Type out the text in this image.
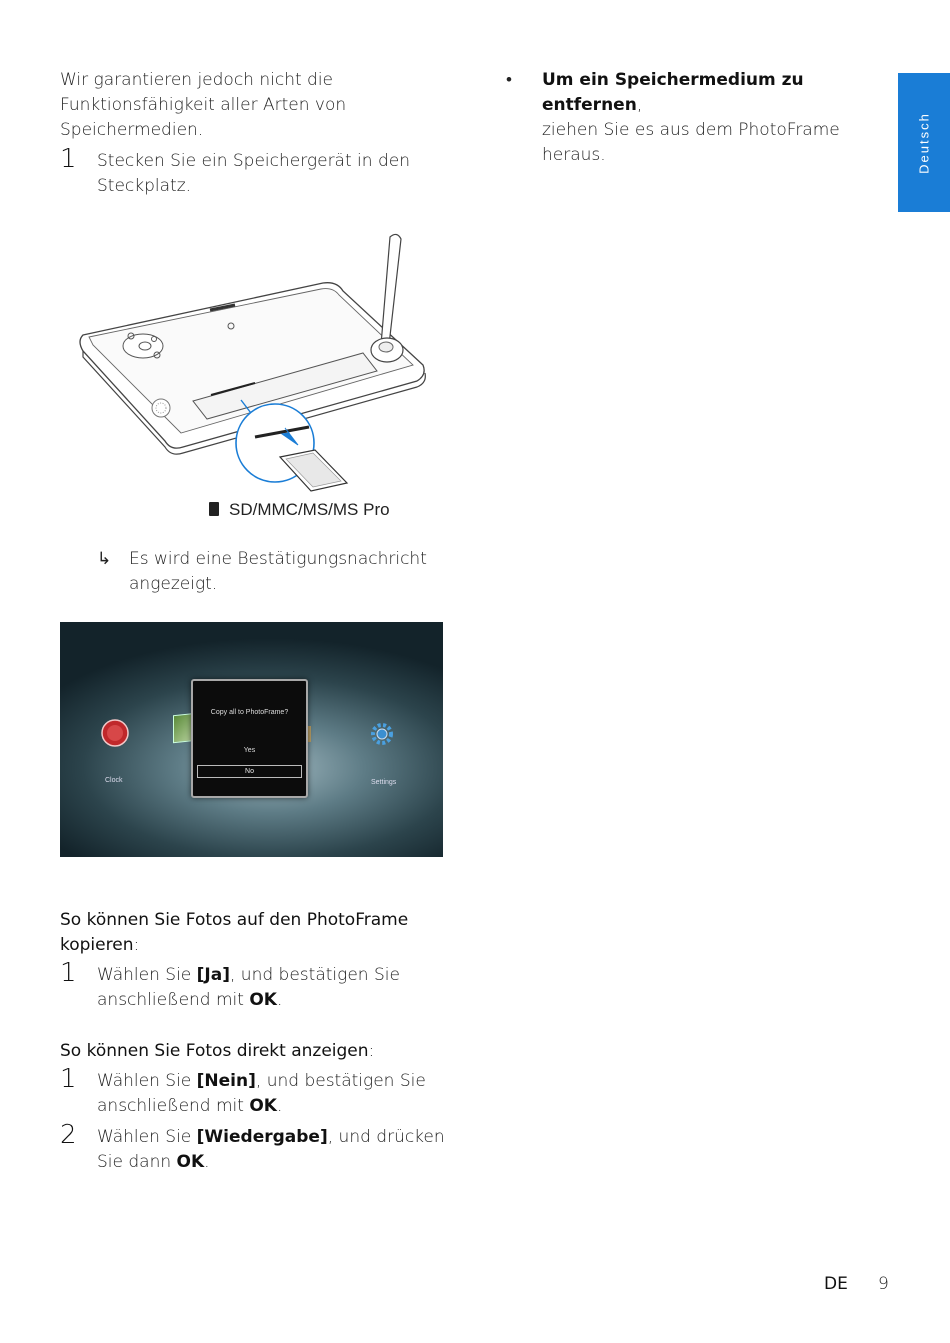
Deutsch
Wir garantieren jedoch nicht die
Funktionsfähigkeit aller Arten von
Speichermedien.
1 Stecken Sie ein Speichergerät in den
Steckplatz.
SD/MMC/MS/MS Pro
↳ Es wird eine Bestätigungsnachricht
angezeigt.
Clock	Settings
Copy all to PhotoFrame?
Yes
No
So können Sie Fotos auf den PhotoFrame
kopieren:
1 Wählen Sie [Ja], und bestätigen Sie
anschließend mit OK.
So können Sie Fotos direkt anzeigen:
1 Wählen Sie [Nein], und bestätigen Sie
anschließend mit OK.
2 Wählen Sie [Wiedergabe], und drücken
Sie dann OK.
• Um ein Speichermedium zu entfernen,
ziehen Sie es aus dem PhotoFrame
heraus.
DE 9
